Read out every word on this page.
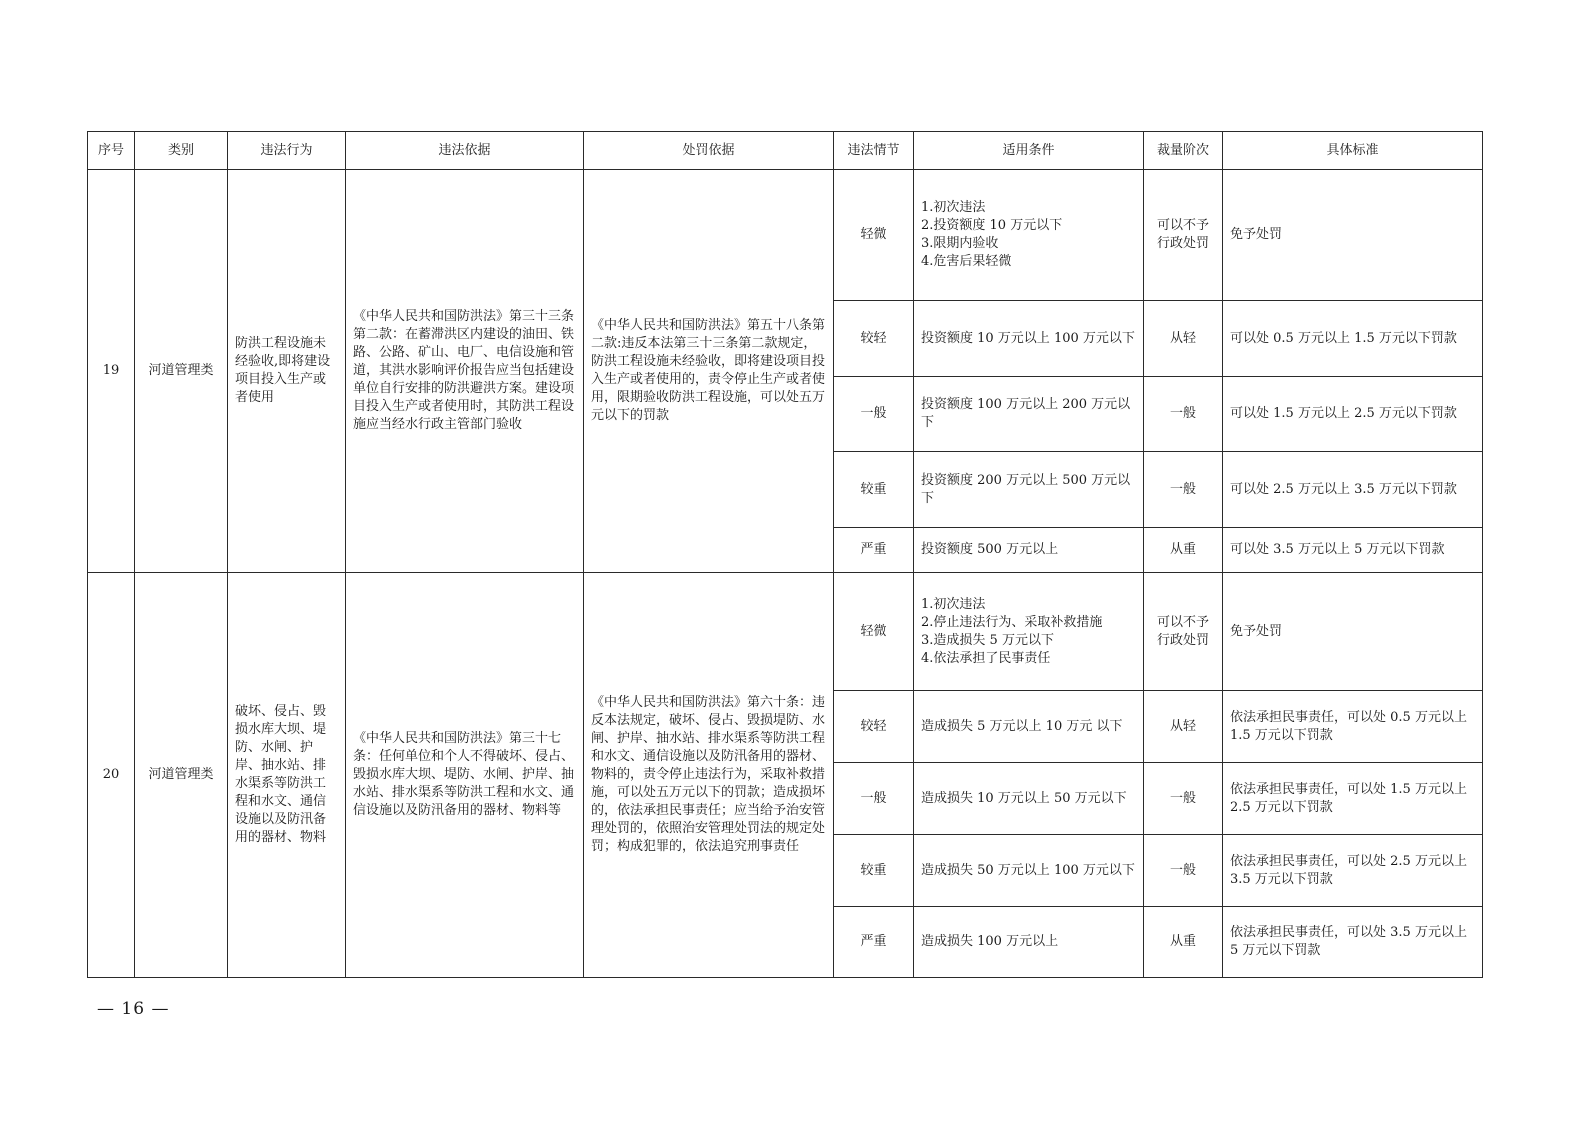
序号	类别	违法行为	违法依据	处罚依据	违法情节	适用条件	裁量阶次	具体标准
19	河道管理类	防洪工程设施未经验收,即将建设项目投入生产或者使用	《中华人民共和国防洪法》第三十三条第二款：在蓄滞洪区内建设的油田、铁路、公路、矿山、电厂、电信设施和管道，其洪水影响评价报告应当包括建设单位自行安排的防洪避洪方案。建设项目投入生产或者使用时，其防洪工程设施应当经水行政主管部门验收	《中华人民共和国防洪法》第五十八条第二款:违反本法第三十三条第二款规定，防洪工程设施未经验收，即将建设项目投入生产或者使用的，责令停止生产或者使用，限期验收防洪工程设施，可以处五万元以下的罚款	轻微	1.初次违法
2.投资额度 10 万元以下
3.限期内验收
4.危害后果轻微	可以不予行政处罚	免予处罚
					较轻	投资额度 10 万元以上 100 万元以下	从轻	可以处 0.5 万元以上 1.5 万元以下罚款
					一般	投资额度 100 万元以上 200 万元以下	一般	可以处 1.5 万元以上 2.5 万元以下罚款
					较重	投资额度 200 万元以上 500 万元以下	一般	可以处 2.5 万元以上 3.5 万元以下罚款
					严重	投资额度 500 万元以上	从重	可以处 3.5 万元以上 5 万元以下罚款
20	河道管理类	破坏、侵占、毁损水库大坝、堤防、水闸、护岸、抽水站、排水渠系等防洪工程和水文、通信设施以及防汛备用的器材、物料	《中华人民共和国防洪法》第三十七条：任何单位和个人不得破坏、侵占、毁损水库大坝、堤防、水闸、护岸、抽水站、排水渠系等防洪工程和水文、通信设施以及防汛备用的器材、物料等	《中华人民共和国防洪法》第六十条：违反本法规定，破坏、侵占、毁损堤防、水闸、护岸、抽水站、排水渠系等防洪工程和水文、通信设施以及防汛备用的器材、物料的，责令停止违法行为，采取补救措施，可以处五万元以下的罚款；造成损坏的，依法承担民事责任；应当给予治安管理处罚的，依照治安管理处罚法的规定处罚；构成犯罪的，依法追究刑事责任	轻微	1.初次违法
2.停止违法行为、采取补救措施
3.造成损失 5 万元以下
4.依法承担了民事责任	可以不予行政处罚	免予处罚
					较轻	造成损失 5 万元以上 10 万元 以下	从轻	依法承担民事责任，可以处 0.5 万元以上 1.5 万元以下罚款
					一般	造成损失 10 万元以上 50 万元以下	一般	依法承担民事责任，可以处 1.5 万元以上 2.5 万元以下罚款
					较重	造成损失 50 万元以上 100 万元以下	一般	依法承担民事责任，可以处 2.5 万元以上 3.5 万元以下罚款
					严重	造成损失 100 万元以上	从重	依法承担民事责任，可以处 3.5 万元以上 5 万元以下罚款
— 16 —
